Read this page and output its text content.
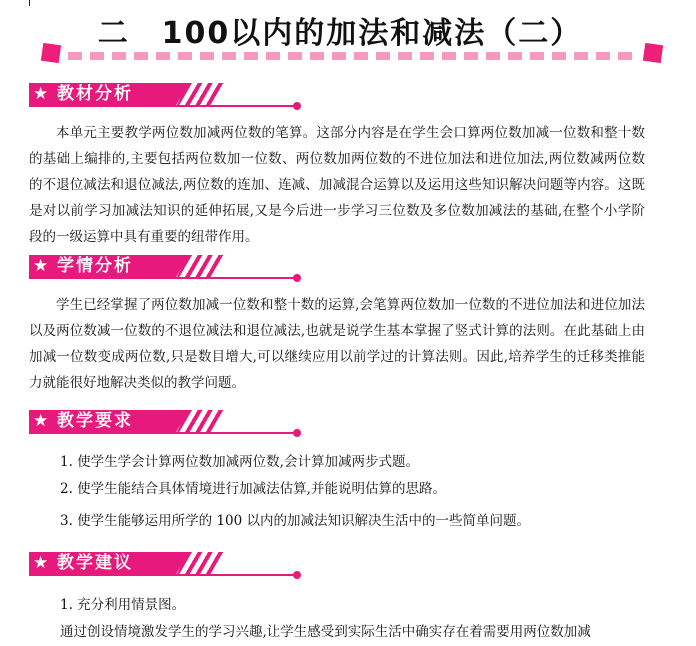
二　100以内的加法和减法（二）
★ 教材分析

本单元主要教学两位数加减两位数的笔算。这部分内容是在学生会口算两位数加减一位数和整十数的基础上编排的,主要包括两位数加一位数、两位数加两位数的不进位加法和进位加法,两位数减两位数的不退位减法和退位减法,两位数的连加、连减、加减混合运算以及运用这些知识解决问题等内容。这既是对以前学习加减法知识的延伸拓展,又是今后进一步学习三位数及多位数加减法的基础,在整个小学阶段的一级运算中具有重要的纽带作用。

★ 学情分析

学生已经掌握了两位数加减一位数和整十数的运算,会笔算两位数加一位数的不进位加法和进位加法以及两位数减一位数的不退位减法和退位减法,也就是说学生基本掌握了竖式计算的法则。在此基础上由加减一位数变成两位数,只是数目增大,可以继续应用以前学过的计算法则。因此,培养学生的迁移类推能力就能很好地解决类似的教学问题。

★ 教学要求

1. 使学生学会计算两位数加减两位数,会计算加减两步式题。

2. 使学生能结合具体情境进行加减法估算,并能说明估算的思路。

3. 使学生能够运用所学的 100 以内的加减法知识解决生活中的一些简单问题。

★ 教学建议

1. 充分利用情景图。

通过创设情境激发学生的学习兴趣,让学生感受到实际生活中确实存在着需要用两位数加减
